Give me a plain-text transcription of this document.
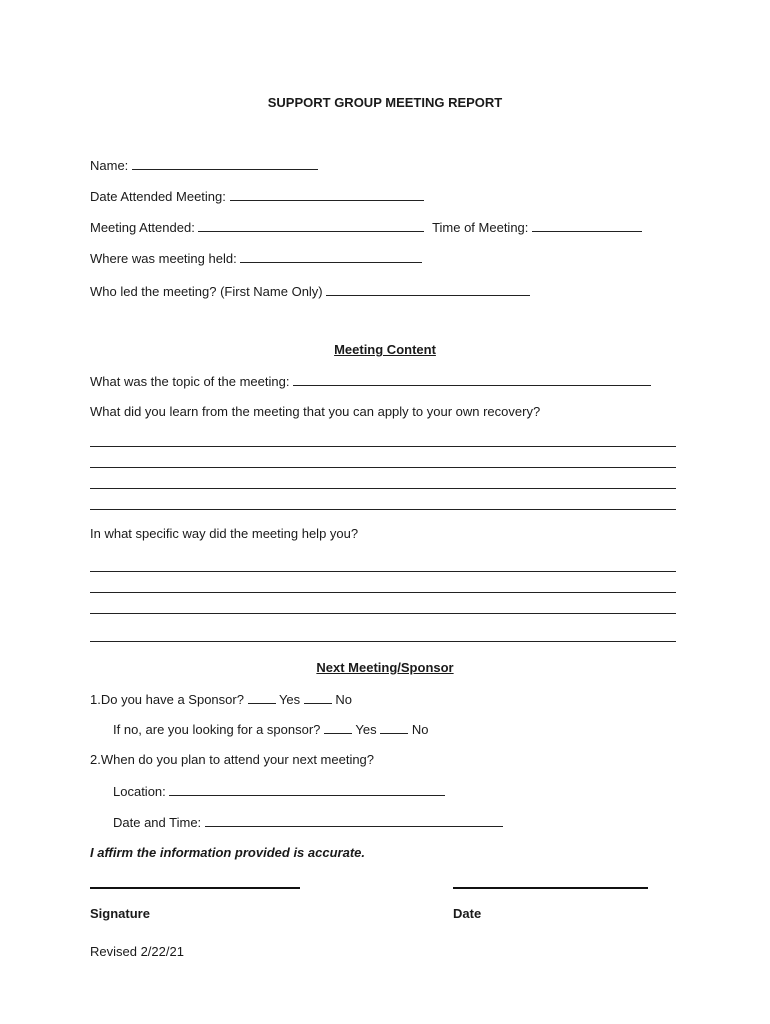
SUPPORT GROUP MEETING REPORT
Name:
Date Attended Meeting:
Meeting Attended:	Time of Meeting:
Where was meeting held:
Who led the meeting? (First Name Only)
Meeting Content
What was the topic of the meeting:
What did you learn from the meeting that you can apply to your own recovery?
In what specific way did the meeting help you?
Next Meeting/Sponsor
1.Do you have a Sponsor?	Yes	No
If no, are you looking for a sponsor?	Yes	No
2.When do you plan to attend your next meeting?
Location:
Date and Time:
I affirm the information provided is accurate.
Signature	Date
Revised 2/22/21
